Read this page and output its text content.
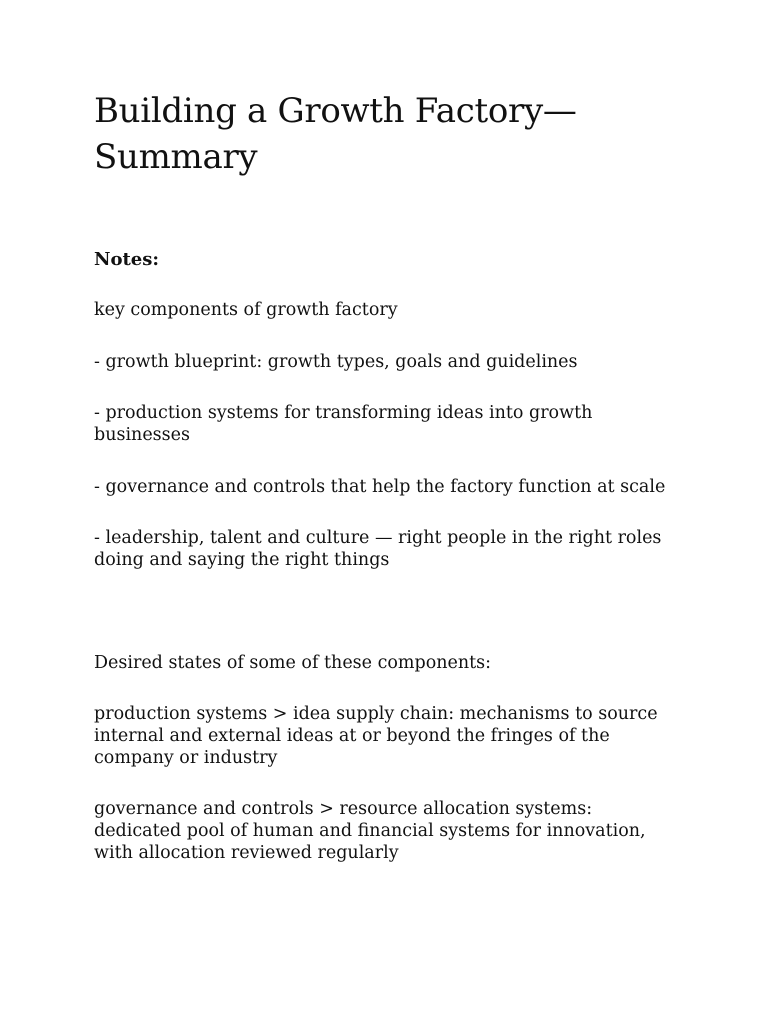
Building a Growth Factory—
Summary

Notes:

key components of growth factory

- growth blueprint: growth types, goals and guidelines

- production systems for transforming ideas into growth businesses

- governance and controls that help the factory function at scale

- leadership, talent and culture — right people in the right roles doing and saying the right things

Desired states of some of these components:

production systems > idea supply chain: mechanisms to source internal and external ideas at or beyond the fringes of the company or industry

governance and controls > resource allocation systems: dedicated pool of human and financial systems for innovation, with allocation reviewed regularly
